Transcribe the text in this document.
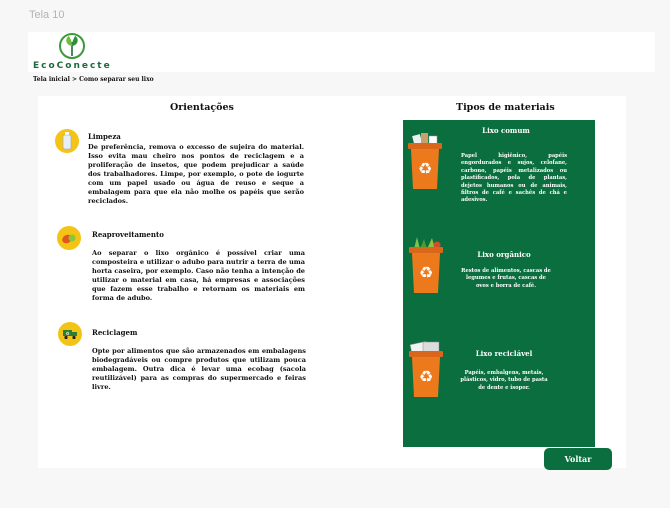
Tela 10
EcoConecte
Tela inicial > Como separar seu lixo
Orientações
Limpeza
De preferência, remova o excesso de sujeira do material. Isso evita mau cheiro nos pontos de reciclagem e a proliferação de insetos, que podem prejudicar a saúde dos trabalhadores. Limpe, por exemplo, o pote de iogurte com um papel usado ou água de reuso e seque a embalagem para que ela não molhe os papéis que serão reciclados.
Reaproveitamento
Ao separar o lixo orgânico é possível criar uma composteira e utilizar o adubo para nutrir a terra de uma horta caseira, por exemplo. Caso não tenha a intenção de utilizar o material em casa, há empresas e associações que fazem esse trabalho e retornam os materiais em forma de adubo.
♻	Reciclagem
Opte por alimentos que são armazenados em embalagens biodegradáveis ou compre produtos que utilizam pouca embalagem. Outra dica é levar uma ecobag (sacola reutilizável) para as compras do supermercado e feiras livre.
Tipos de materiais
♻
Lixo comum
Papel higiênico, papéis engordurados e sujos, celofane, carbono, papéis metalizados ou plastificados, pola de plantas, dejetos humanos ou de animais, filtros de café e sachês de chá e adesivos.
♻
Lixo orgânico
Restos de alimentos, cascas de legumes e frutas, cascas de ovos e borra de café.
♻
Lixo reciclável
Papéis, embalgens, metais, plásticos, vidro, tubo de pasta de dente e isopor.
Voltar
